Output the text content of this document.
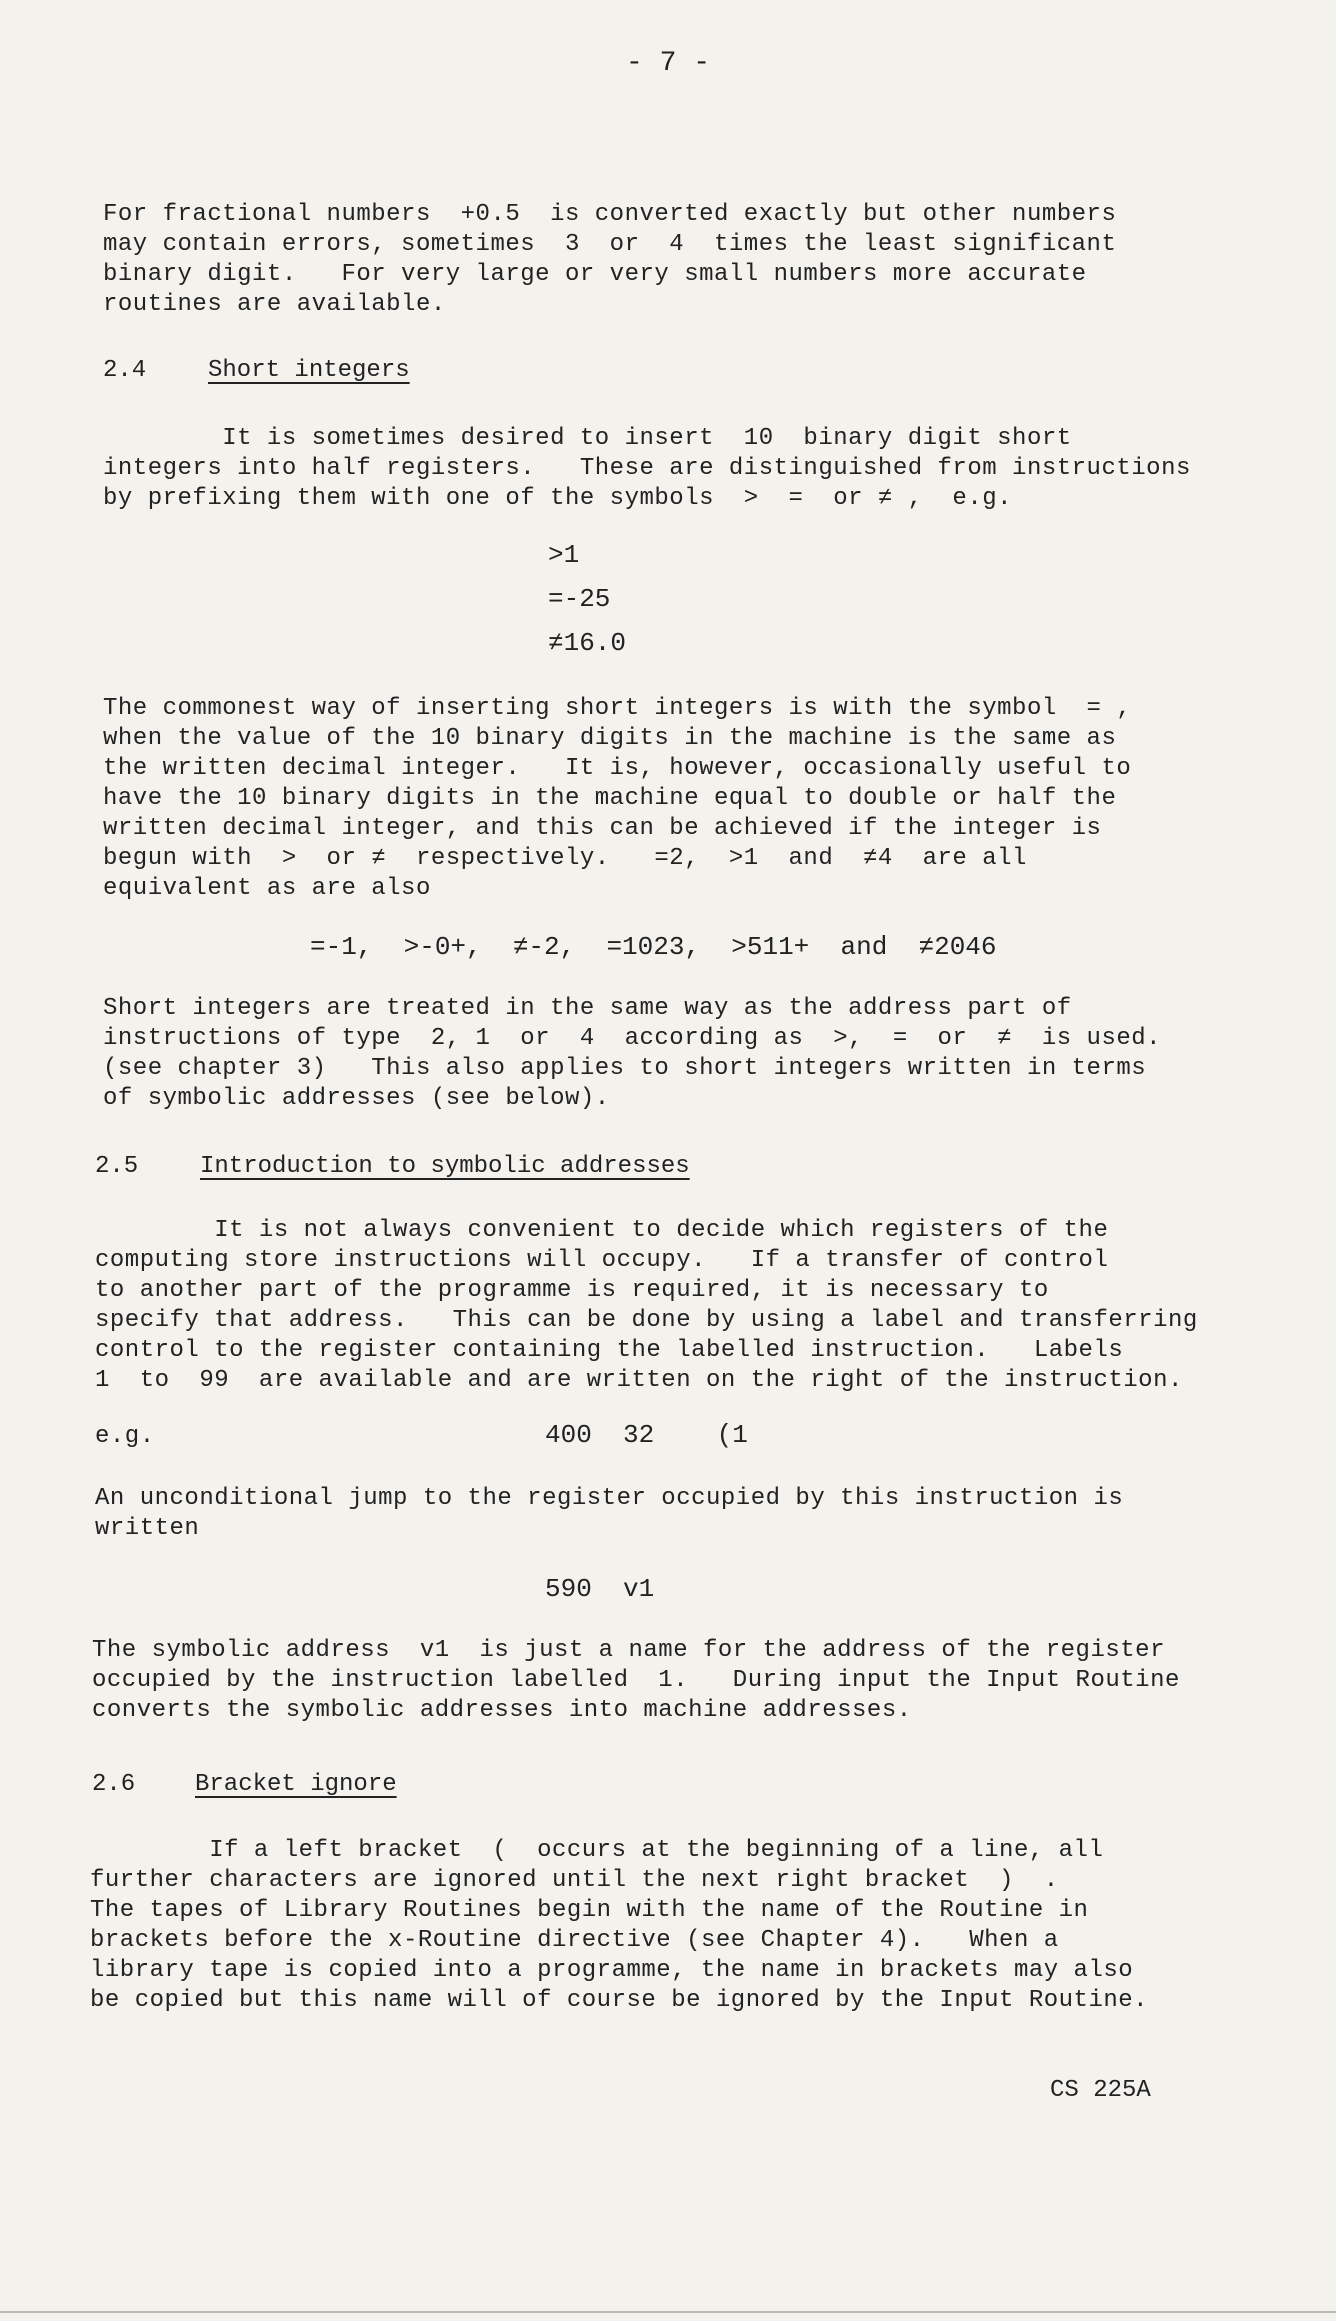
- 7 -
For fractional numbers  +0.5  is converted exactly but other numbers
may contain errors, sometimes  3  or  4  times the least significant
binary digit.   For very large or very small numbers more accurate
routines are available.
2.4	Short integers
It is sometimes desired to insert  10  binary digit short
integers into half registers.   These are distinguished from instructions
by prefixing them with one of the symbols  >  =  or ≠ ,  e.g.
>1
=-25
≠16.0
The commonest way of inserting short integers is with the symbol  = ,
when the value of the 10 binary digits in the machine is the same as
the written decimal integer.   It is, however, occasionally useful to
have the 10 binary digits in the machine equal to double or half the
written decimal integer, and this can be achieved if the integer is
begun with  >  or ≠  respectively.   =2,  >1  and  ≠4  are all
equivalent as are also
=-1,  >-0+,  ≠-2,  =1023,  >511+  and  ≠2046
Short integers are treated in the same way as the address part of
instructions of type  2, 1  or  4  according as  >,  =  or  ≠  is used.
(see chapter 3)   This also applies to short integers written in terms
of symbolic addresses (see below).
2.5	Introduction to symbolic addresses
It is not always convenient to decide which registers of the
computing store instructions will occupy.   If a transfer of control
to another part of the programme is required, it is necessary to
specify that address.   This can be done by using a label and transferring
control to the register containing the labelled instruction.   Labels
1  to  99  are available and are written on the right of the instruction.
e.g.	400  32    (1
An unconditional jump to the register occupied by this instruction is
written
590  v1
The symbolic address  v1  is just a name for the address of the register
occupied by the instruction labelled  1.   During input the Input Routine
converts the symbolic addresses into machine addresses.
2.6 Bracket ignore
If a left bracket  (  occurs at the beginning of a line, all
further characters are ignored until the next right bracket  )  .
The tapes of Library Routines begin with the name of the Routine in
brackets before the x-Routine directive (see Chapter 4).   When a
library tape is copied into a programme, the name in brackets may also
be copied but this name will of course be ignored by the Input Routine.
CS 225A
